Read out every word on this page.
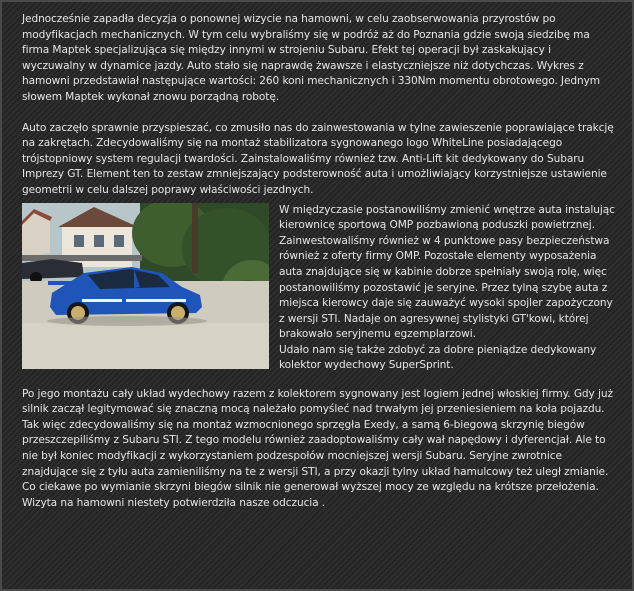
Jednocześnie zapadła decyzja o ponownej wizycie na hamowni, w celu zaobserwowania przyrostów po modyfikacjach mechanicznych. W tym celu wybraliśmy się w podróż aż do Poznania gdzie swoją siedzibę ma firma Maptek specjalizująca się między innymi w strojeniu Subaru. Efekt tej operacji był zaskakujący i wyczuwalny w dynamice jazdy. Auto stało się naprawdę żwawsze i elastyczniejsze niż dotychczas. Wykres z hamowni przedstawiał następujące wartości: 260 koni mechanicznych i 330Nm momentu obrotowego. Jednym słowem Maptek wykonał znowu porządną robotę.

Auto zaczęło sprawnie przyspieszać, co zmusiło nas do zainwestowania w tylne zawieszenie poprawiające trakcję na zakrętach. Zdecydowaliśmy się na montaż stabilizatora sygnowanego logo WhiteLine posiadającego trójstopniowy system regulacji twardości. Zainstalowaliśmy również tzw. Anti-Lift kit dedykowany do Subaru Imprezy GT. Element ten to zestaw zmniejszający podsterowność auta i umożliwiający korzystniejsze ustawienie geometrii w celu dalszej poprawy właściwości jezdnych.

W międzyczasie postanowiliśmy zmienić wnętrze auta instalując kierownicę sportową OMP pozbawioną poduszki powietrznej. Zainwestowaliśmy również w 4 punktowe pasy bezpieczeństwa również z oferty firmy OMP. Pozostałe elementy wyposażenia auta znajdujące się w kabinie dobrze spełniały swoją rolę, więc postanowiliśmy pozostawić je seryjne. Przez tylną szybę auta z miejsca kierowcy daje się zauważyć wysoki spojler zapożyczony z wersji STI. Nadaje on agresywnej stylistyki GT'kowi, której brakowało seryjnemu egzemplarzowi.

Udało nam się także zdobyć za dobre pieniądze dedykowany kolektor wydechowy SuperSprint.

Po jego montażu cały układ wydechowy razem z kolektorem sygnowany jest logiem jednej włoskiej firmy. Gdy już silnik zaczął legitymować się znaczną mocą należało pomyśleć nad trwałym jej przeniesieniem na koła pojazdu. Tak więc zdecydowaliśmy się na montaż wzmocnionego sprzęgła Exedy, a samą 6-biegową skrzynię biegów przeszczepiliśmy z Subaru STI. Z tego modelu również zaadoptowaliśmy cały wał napędowy i dyferencjał. Ale to nie był koniec modyfikacji z wykorzystaniem podzespołów mocniejszej wersji Subaru. Seryjne zwrotnice znajdujące się z tyłu auta zamieniliśmy na te z wersji STI, a przy okazji tylny układ hamulcowy też uległ zmianie.

Co ciekawe po wymianie skrzyni biegów silnik nie generował wyższej mocy ze względu na krótsze przełożenia. Wizyta na hamowni niestety potwierdziła nasze odczucia .
